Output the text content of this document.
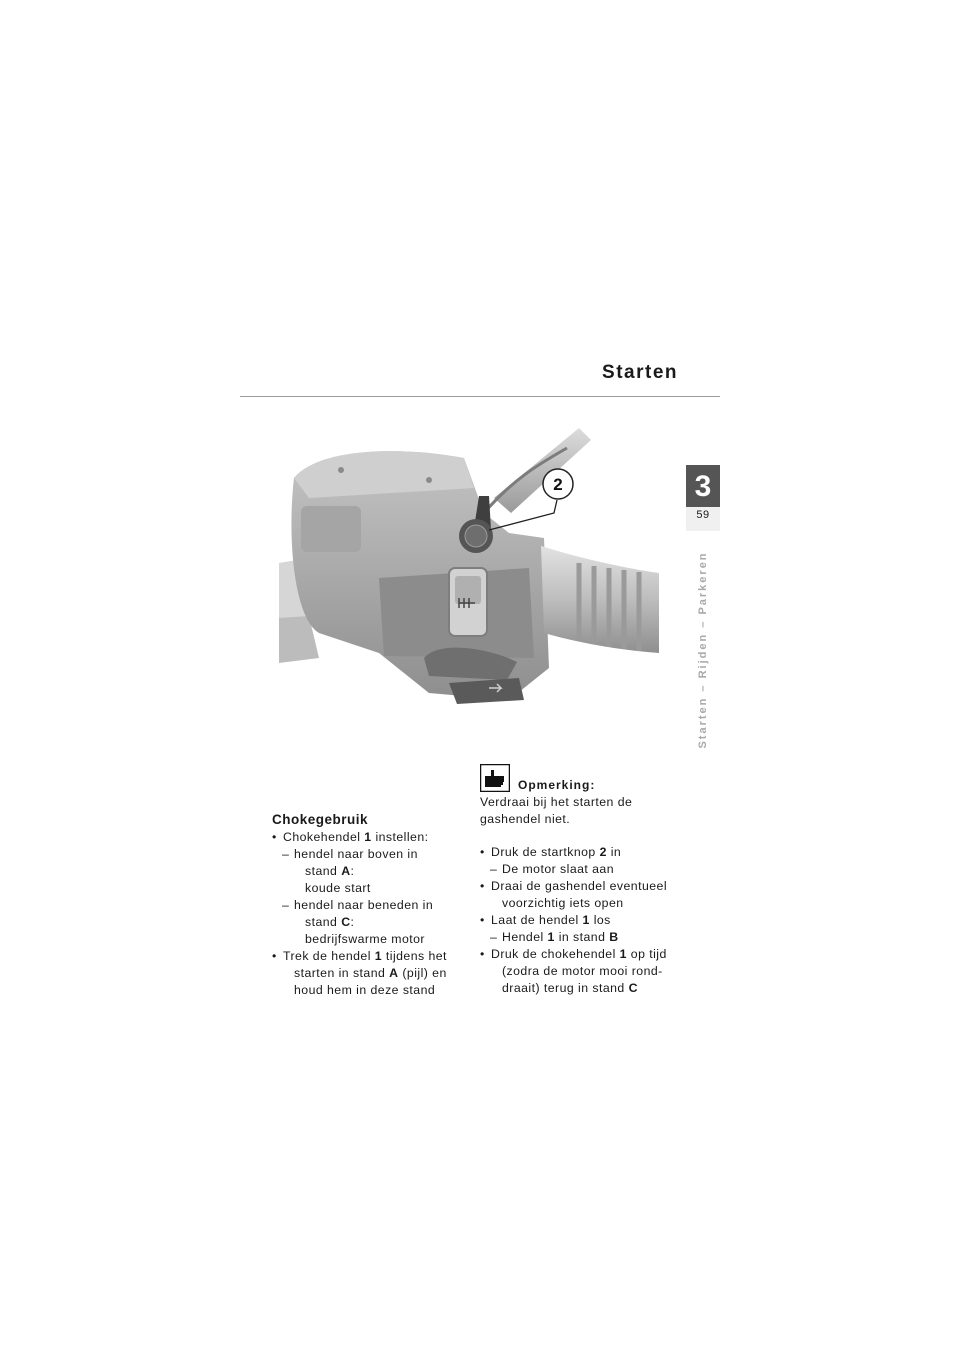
Starten
3
59
Starten – Rijden – Parkeren
2
Chokegebruik
• Chokehendel 1 instellen:
– hendel naar boven in
stand A:
koude start
– hendel naar beneden in
stand C:
bedrijfswarme motor
• Trek de hendel 1 tijdens het
starten in stand A (pijl) en
houd hem in deze stand
Opmerking:
Verdraai bij het starten de
gashendel niet.
• Druk de startknop 2 in
– De motor slaat aan
• Draai de gashendel eventueel
voorzichtig iets open
• Laat de hendel 1 los
– Hendel 1 in stand B
• Druk de chokehendel 1 op tijd
(zodra de motor mooi rond-
draait) terug in stand C
